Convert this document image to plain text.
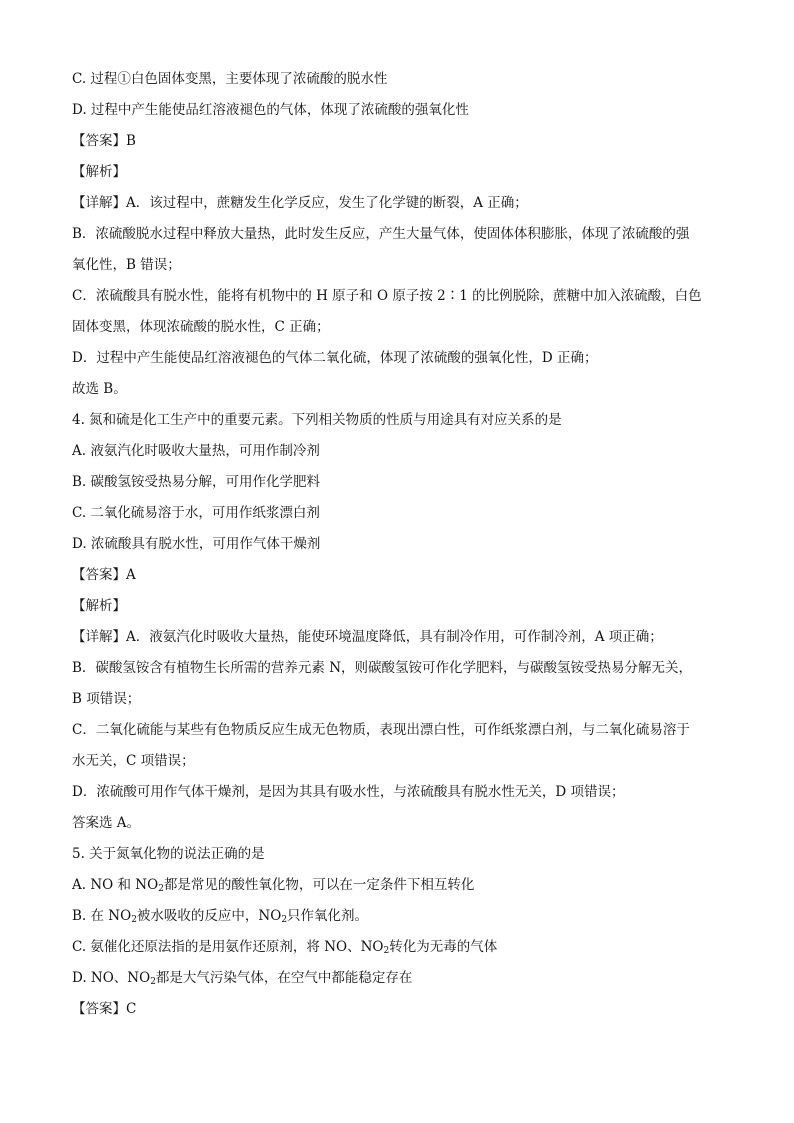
C. 过程①白色固体变黑，主要体现了浓硫酸的脱水性
D. 过程中产生能使品红溶液褪色的气体，体现了浓硫酸的强氧化性
【答案】B
【解析】
【详解】A．该过程中，蔗糖发生化学反应，发生了化学键的断裂，A 正确；
B．浓硫酸脱水过程中释放大量热，此时发生反应，产生大量气体，使固体体积膨胀，体现了浓硫酸的强
氧化性，B 错误；
C．浓硫酸具有脱水性，能将有机物中的 H 原子和 O 原子按 2∶1 的比例脱除，蔗糖中加入浓硫酸，白色
固体变黑，体现浓硫酸的脱水性，C 正确；
D．过程中产生能使品红溶液褪色的气体二氧化硫，体现了浓硫酸的强氧化性，D 正确；
故选 B。
4. 氮和硫是化工生产中的重要元素。下列相关物质的性质与用途具有对应关系的是
A. 液氨汽化时吸收大量热，可用作制冷剂
B. 碳酸氢铵受热易分解，可用作化学肥料
C. 二氧化硫易溶于水，可用作纸浆漂白剂
D. 浓硫酸具有脱水性，可用作气体干燥剂
【答案】A
【解析】
【详解】A．液氨汽化时吸收大量热，能使环境温度降低，具有制冷作用，可作制冷剂，A 项正确；
B．碳酸氢铵含有植物生长所需的营养元素 N，则碳酸氢铵可作化学肥料，与碳酸氢铵受热易分解无关，
B 项错误；
C．二氧化硫能与某些有色物质反应生成无色物质，表现出漂白性，可作纸浆漂白剂，与二氧化硫易溶于
水无关，C 项错误；
D．浓硫酸可用作气体干燥剂，是因为其具有吸水性，与浓硫酸具有脱水性无关，D 项错误；
答案选 A。
5. 关于氮氧化物的说法正确的是
A. NO 和 $NO_2$都是常见的酸性氧化物，可以在一定条件下相互转化
B. 在 $NO_2$被水吸收的反应中，$NO_2$只作氧化剂。
C. 氨催化还原法指的是用氨作还原剂，将 NO、$NO_2$转化为无毒的气体
D. NO、$NO_2$都是大气污染气体，在空气中都能稳定存在
【答案】C
